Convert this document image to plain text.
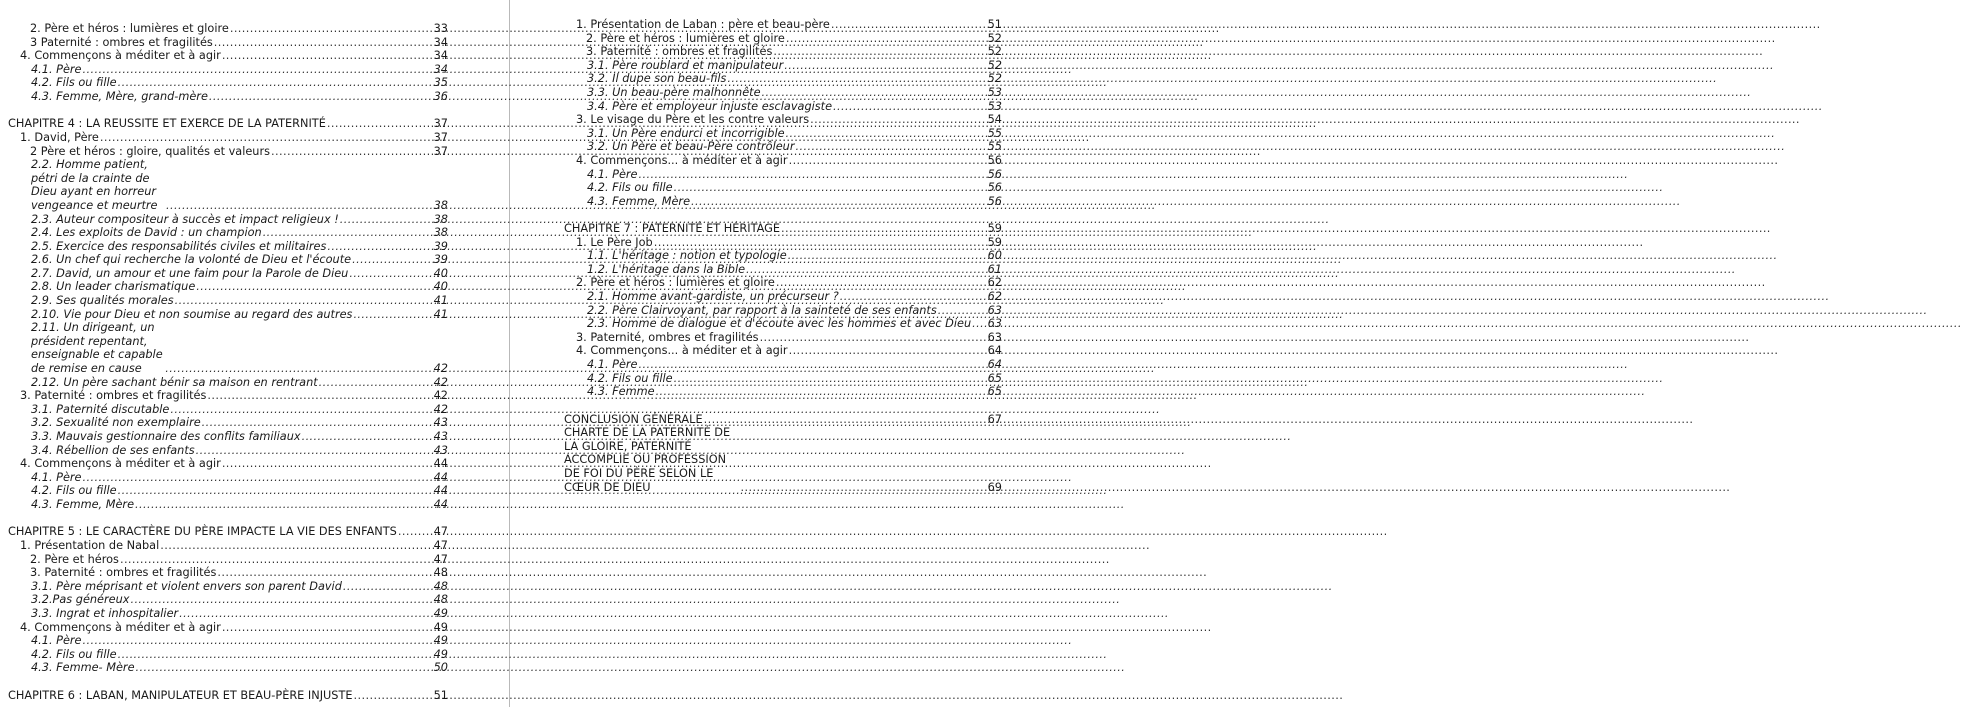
2. Père et héros : lumières et gloire .....	33
3 Paternité : ombres et fragilités .....	34
4. Commençons à méditer et à agir .....	34
4.1. Père .....	34
4.2. Fils ou fille .....	35
4.3. Femme, Mère, grand-mère .....	36
CHAPITRE 4 : LA REUSSITE ET EXERCE DE LA PATERNITÉ .....	37
1. David, Père .....	37
2 Père et héros : gloire, qualités et valeurs .....	37
2.2. Homme patient, pétri de la crainte de Dieu ayant en horreur vengeance et meurtre .....	38
2.3. Auteur compositeur à succès et impact religieux ! .....	38
2.4. Les exploits de David : un champion .....	38
2.5. Exercice des responsabilités civiles et militaires .....	39
2.6. Un chef qui recherche la volonté de Dieu et l'écoute .....	39
2.7. David, un amour et une faim pour la Parole de Dieu .....	40
2.8. Un leader charismatique .....	40
2.9. Ses qualités morales .....	41
2.10. Vie pour Dieu et non soumise au regard des autres .....	41
2.11. Un dirigeant, un président repentant, enseignable et capable de remise en cause .....	42
2.12. Un père sachant bénir sa maison en rentrant .....	42
3. Paternité : ombres et fragilités .....	42
3.1. Paternité discutable .....	42
3.2. Sexualité non exemplaire .....	43
3.3. Mauvais gestionnaire des conflits familiaux .....	43
3.4. Rébellion de ses enfants .....	43
4. Commençons à méditer et à agir .....	44
4.1. Père .....	44
4.2. Fils ou fille .....	44
4.3. Femme, Mère .....	44
CHAPITRE 5 : LE CARACTÈRE DU PÈRE IMPACTE LA VIE DES ENFANTS .....	47
1. Présentation de Nabal .....	47
2. Père et héros .....	47
3. Paternité : ombres et fragilités .....	48
3.1. Père méprisant et violent envers son parent David .....	48
3.2.Pas généreux .....	48
3.3. Ingrat et inhospitalier .....	49
4. Commençons à méditer et à agir .....	49
4.1. Père .....	49
4.2. Fils ou fille .....	49
4.3. Femme- Mère .....	50
CHAPITRE 6 : LABAN, MANIPULATEUR ET BEAU-PÈRE INJUSTE .....	51
1. Présentation de Laban : père et beau-père .....	51
2. Père et héros : lumières et gloire .....	52
3. Paternité : ombres et fragilités .....	52
3.1. Père roublard et manipulateur .....	52
3.2. Il dupe son beau-fils .....	52
3.3. Un beau-père malhonnête .....	53
3.4. Père et employeur injuste esclavagiste .....	53
3. Le visage du Père et les contre valeurs .....	54
3.1. Un Père endurci et incorrigible .....	55
3.2. Un Père et beau-Père contrôleur .....	55
4. Commençons... à méditer et à agir .....	56
4.1. Père .....	56
4.2. Fils ou fille .....	56
4.3. Femme, Mère .....	56
CHAPITRE 7 : PATERNITÉ ET HÉRITAGE .....	59
1. Le Père Job .....	59
1.1. L'héritage : notion et typologie .....	60
1.2. L'héritage dans la Bible .....	61
2. Père et héros : lumières et gloire .....	62
2.1. Homme avant-gardiste, un précurseur ? .....	62
2.2. Père Clairvoyant, par rapport à la sainteté de ses enfants .....	63
2.3. Homme de dialogue et d'écoute avec les hommes et avec Dieu ..... 63
3. Paternité, ombres et fragilités .....	63
4. Commençons... à méditer et à agir .....	64
4.1. Père .....	64
4.2. Fils ou fille .....	65
4.3. Femme .....	65
CONCLUSION GÉNÉRALE .....	67
CHARTE DE LA PATERNITÉ DE LA GLOIRE, PATERNITÉ ACCOMPLIE OU PROFESSION DE FOI DU PÈRE SELON LE CŒUR DE DIEU .....	69
